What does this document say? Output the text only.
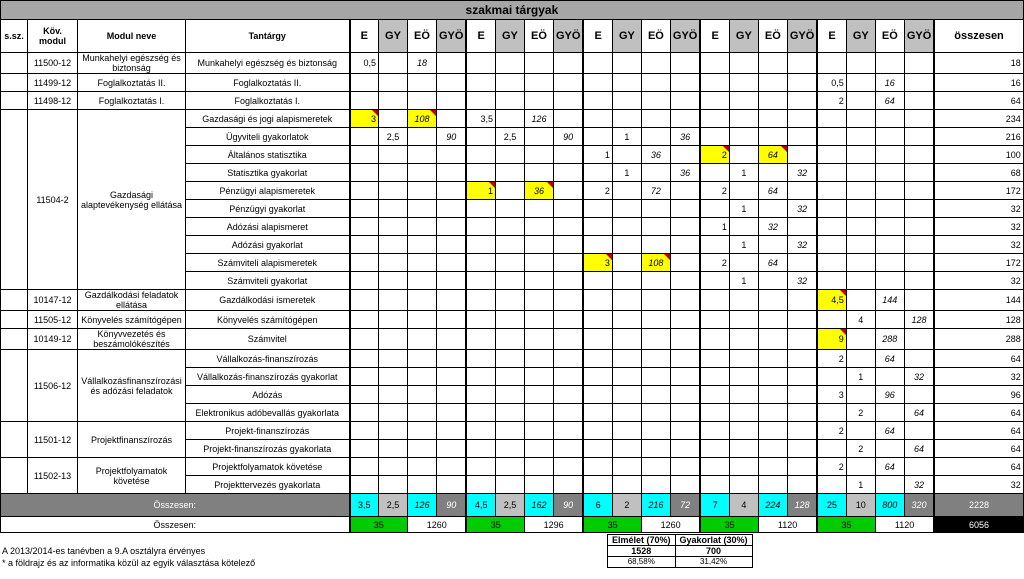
szakmai tárgyak																								
s.sz.	Köv. modul	Modul neve	Tantárgy	E	GY	EÖ	GYÖ	E	GY	EÖ	GYÖ	E	GY	EÖ	GYÖ	E	GY	EÖ	GYÖ	E	GY	EÖ	GYÖ	összesen
	11500-12	Munkahelyi egészség és biztonság	Munkahelyi egészség és biztonság	0,5		18																		18
	11499-12	Foglalkoztatás II.	Foglalkoztatás II.																	0,5		16		16
	11498-12	Foglalkoztatás I.	Foglalkoztatás I.																	2		64		64
	11504-2	Gazdasági alaptevékenység ellátása	Gazdasági és jogi alapismeretek	3		108		3,5		126														234
			Ügyviteli gyakorlatok		2,5		90		2,5		90		1		36									216
			Általános statisztika									1		36		2		64						100
			Statisztika gyakorlat										1		36		1		32					68
			Pénzügyi alapismeretek					1		36		2		72		2		64						172
			Pénzügyi gyakorlat														1		32					32
			Adózási alapismeret													1		32						32
			Adózási gyakorlat														1		32					32
			Számviteli alapismeretek									3		108		2		64						172
			Számviteli gyakorlat														1		32					32
	10147-12	Gazdálkodási feladatok ellátása	Gazdálkodási ismeretek																	4,5		144		144
	11505-12	Könyvelés számítógépen	Könyvelés számítógépen																		4		128	128
	10149-12	Könyvvezetés és beszámolókészítés	Számvitel																	9		288		288
	11506-12	Vállalkozásfinanszírozási és adózási feladatok	Vállalkozás-finanszírozás																	2		64		64
			Vállalkozás-finanszírozás gyakorlat																		1		32	32
			Adózás																	3		96		96
			Elektronikus adóbevallás gyakorlata																		2		64	64
	11501-12	Projektfinanszírozás	Projekt-finanszírozás																	2		64		64
			Projekt-finanszírozás gyakorlata																		2		64	64
	11502-13	Projektfolyamatok követése	Projektfolyamatok követése																	2		64		64
			Projekttervezés gyakorlata																		1		32	32
Összesen:				3,5	2,5	126	90	4,5	2,5	162	90	6	2	216	72	7	4	224	128	25	10	800	320	2228
Összesen:				35		1260		35		1296		35		1260		35		1120		35		1120		6056
A 2013/2014-es tanévben a 9.A osztályra érvényes
* a földrajz és az informatika közül az egyik választása kötelező
Elmélet (70%)	Gyakorlat (30%)
1528	700
68,58%	31,42%
